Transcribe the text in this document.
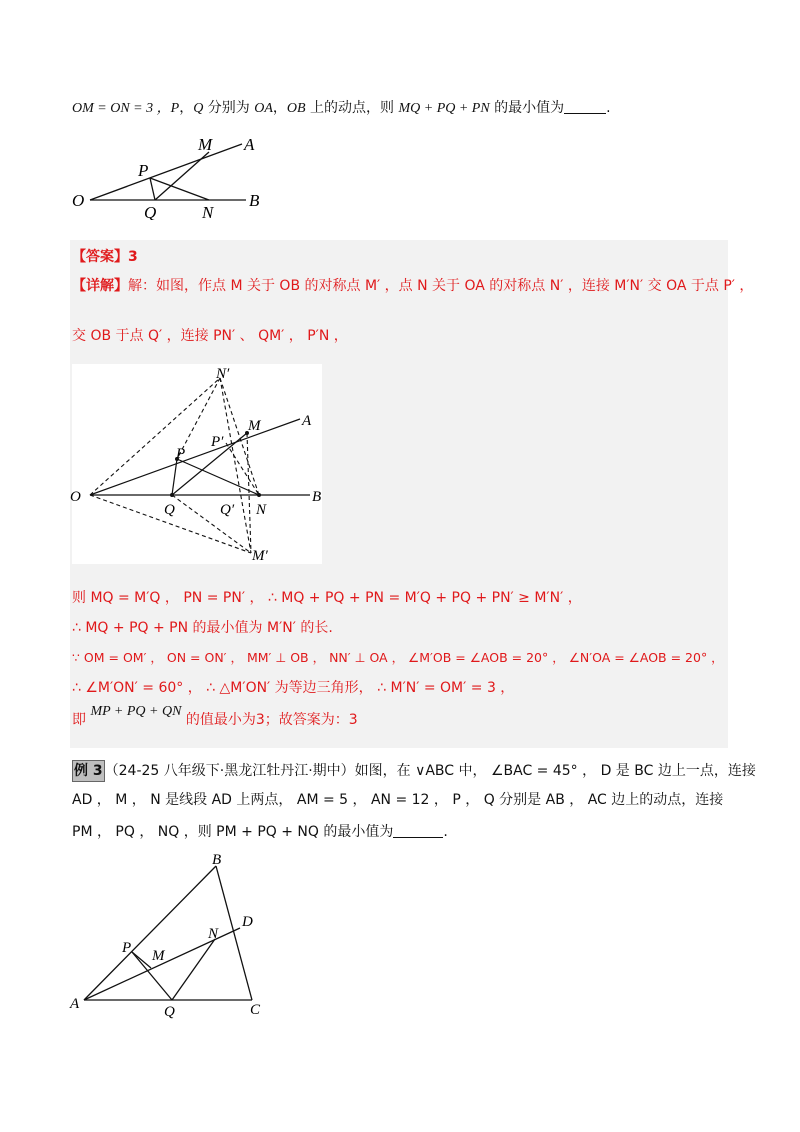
OM = ON = 3 ，P，Q 分别为 OA，OB 上的动点，则 MQ + PQ + PN 的最小值为	.
O	B
A
M
P
Q	N
【答案】3
【详解】解：如图，作点 M 关于 OB 的对称点 M′ ，点 N 关于 OA 的对称点 N′ ，连接 M′N′ 交 OA 于点 P′ ，
交 OB 于点 Q′ ，连接 PN′ 、 QM′ ， P′N ，
O	B
A
M
P
P′
Q	Q′ N
N′
M′
则 MQ = M′Q ， PN = PN′ ， ∴ MQ + PQ + PN = M′Q + PQ + PN′ ≥ M′N′ ，
∴ MQ + PQ + PN 的最小值为 M′N′ 的长.
∵ OM = OM′ ， ON = ON′ ， MM′ ⊥ OB ， NN′ ⊥ OA ， ∠M′OB = ∠AOB = 20° ， ∠N′OA = ∠AOB = 20° ，
∴ ∠M′ON′ = 60° ， ∴ △M′ON′ 为等边三角形， ∴ M′N′ = OM′ = 3 ，
即 MP + PQ + QN 的值最小为3；故答案为：3
例 3 （24-25 八年级下·黑龙江牡丹江·期中）如图，在 ∨ABC 中， ∠BAC = 45° ， D 是 BC 边上一点，连接
AD ， M ， N 是线段 AD 上两点， AM = 5 ， AN = 12 ， P ， Q 分别是 AB ， AC 边上的动点，连接
PM ， PQ ， NQ ，则 PM + PQ + NQ 的最小值为	.
A
B
C
D
P M
N
Q
